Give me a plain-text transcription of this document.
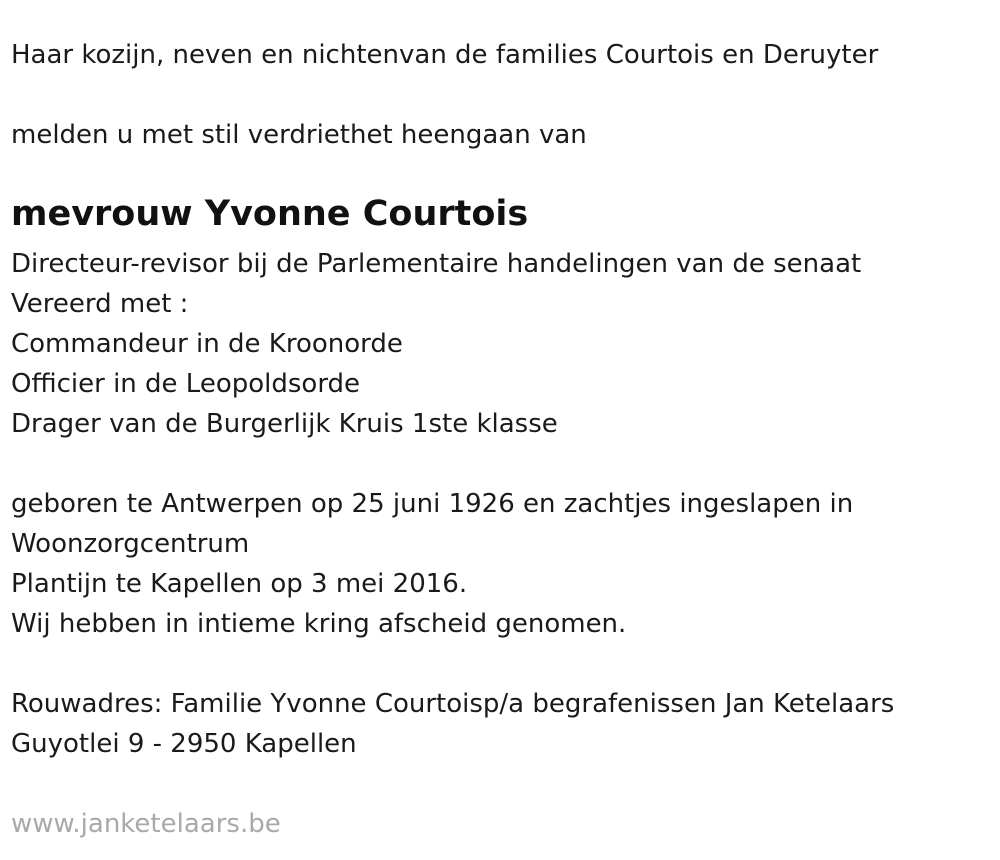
Haar kozijn, neven en nichtenvan de families Courtois en Deruyter
melden u met stil verdriethet heengaan van
mevrouw Yvonne Courtois
Directeur-revisor bij de Parlementaire handelingen van de senaat
Vereerd met :
Commandeur in de Kroonorde
Officier in de Leopoldsorde
Drager van de Burgerlijk Kruis 1ste klasse
geboren te Antwerpen op 25 juni 1926 en zachtjes ingeslapen in
Woonzorgcentrum
Plantijn te Kapellen op 3 mei 2016.
Wij hebben in intieme kring afscheid genomen.
Rouwadres: Familie Yvonne Courtoisp/a begrafenissen Jan Ketelaars
Guyotlei 9 - 2950 Kapellen
www.janketelaars.be
